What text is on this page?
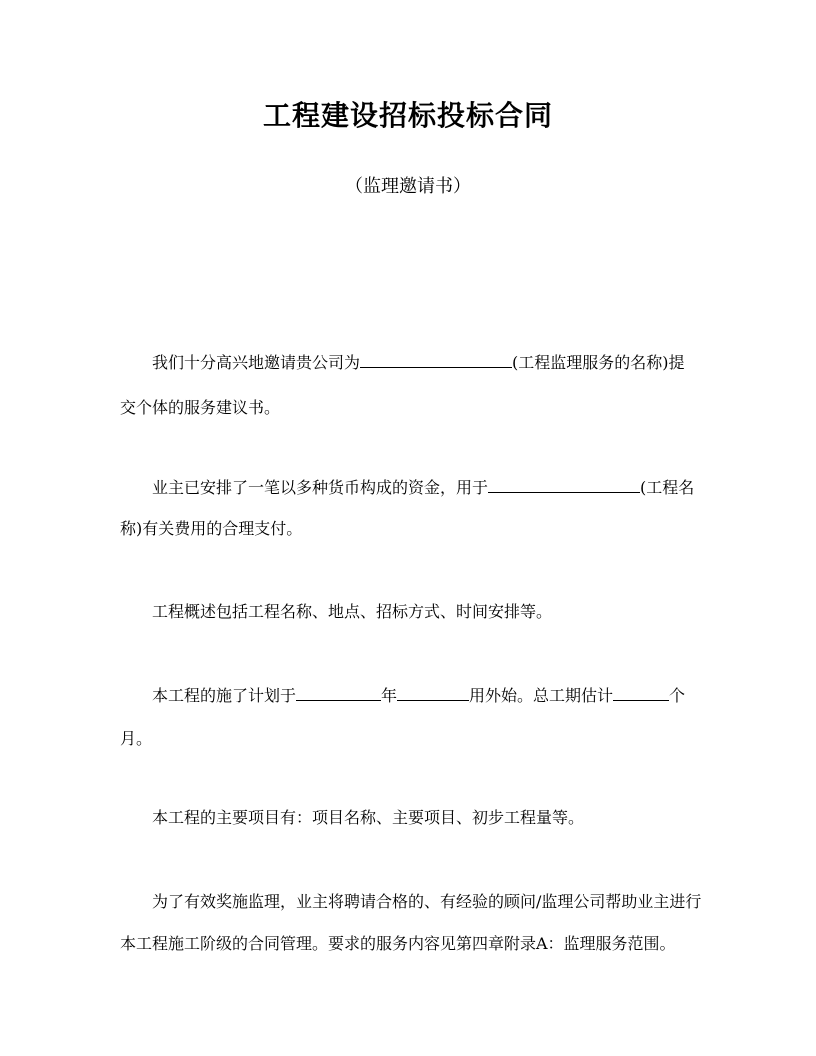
工程建设招标投标合同
（监理邀请书）
我们十分高兴地邀请贵公司为	(工程监理服务的名称)提
交个体的服务建议书。
业主已安排了一笔以多种货币构成的资金，用于	(工程名
称)有关费用的合理支付。
工程概述包括工程名称、地点、招标方式、时间安排等。
本工程的施了计划于	年	用外始。总工期估计	个
月。
本工程的主要项目有：项目名称、主要项目、初步工程量等。
为了有效奖施监理，业主将聘请合格的、有经验的顾问/监理公司帮助业主进行
本工程施工阶级的合同管理。要求的服务内容见第四章附录A：监理服务范围。
